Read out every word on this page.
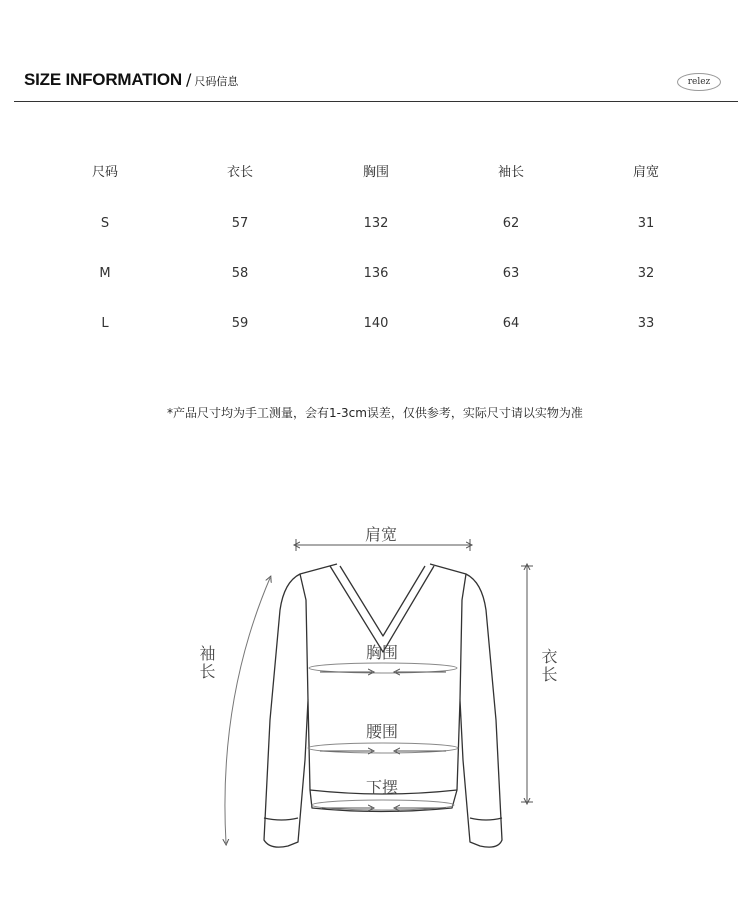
SIZE INFORMATION / 尺码信息	relez
尺码	衣长	胸围	袖长	肩宽
S	57	132	62	31
M	58	136	63	32
L	59	140	64	33
*产品尺寸均为手工测量，会有1-3cm误差，仅供参考，实际尺寸请以实物为准
肩宽
袖长	衣长
胸围
腰围
下摆
